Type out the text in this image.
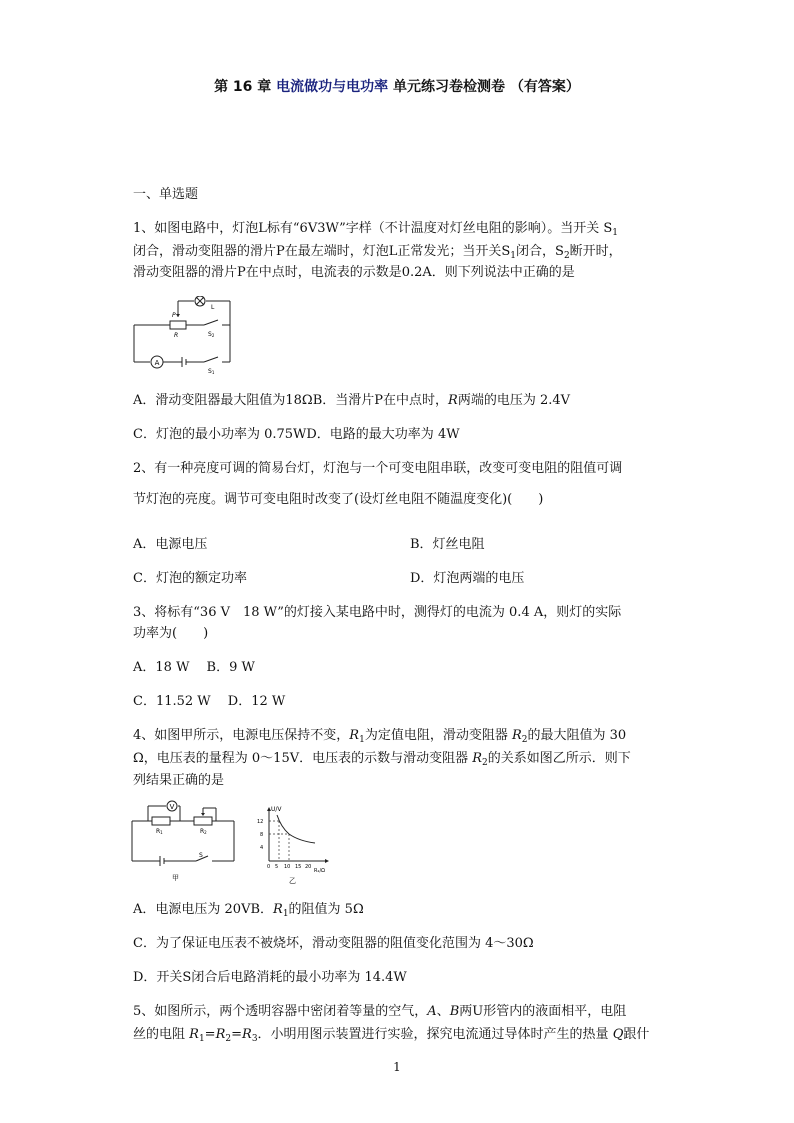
第 16 章 电流做功与电功率 单元练习卷检测卷 （有答案）
一、单选题
1、如图电路中，灯泡L标有“6V3W”字样（不计温度对灯丝电阻的影响）。当开关 $S_1$
闭合，滑动变阻器的滑片P在最左端时，灯泡L正常发光；当开关$S_1$闭合，$S_2$断开时，
滑动变阻器的滑片P在中点时，电流表的示数是0.2A．则下列说法中正确的是
A
L
P
R	S2
S1
A．滑动变阻器最大阻值为18ΩB．当滑片P在中点时，R两端的电压为 2.4V
C．灯泡的最小功率为 0.75WD．电路的最大功率为 4W
2、有一种亮度可调的简易台灯，灯泡与一个可变电阻串联，改变可变电阻的阻值可调
节灯泡的亮度。调节可变电阻时改变了(设灯丝电阻不随温度变化)(　　)
A．电源电压	B．灯丝电阻
C．灯泡的额定功率	D．灯泡两端的电压
3、将标有“36 V　18 W”的灯接入某电路中时，测得灯的电流为 0.4 A，则灯的实际
功率为(　　)
A．18 W　 B．9 W
C．11.52 W　 D．12 W
4、如图甲所示，电源电压保持不变，$R_1$为定值电阻，滑动变阻器 $R_2$的最大阻值为 30
Ω，电压表的量程为 0～15V．电压表的示数与滑动变阻器 $R_2$的关系如图乙所示．则下
列结果正确的是
V
R1	R2
S
甲
U/V
12
8
4
0 5 10 15 20
R₂/Ω
乙
A．电源电压为 20VB．$R_1$的阻值为 5Ω
C．为了保证电压表不被烧坏，滑动变阻器的阻值变化范围为 4～30Ω
D．开关S闭合后电路消耗的最小功率为 14.4W
5、如图所示，两个透明容器中密闭着等量的空气，A、B两U形管内的液面相平，电阻
丝的电阻 $R_1=R_2=R_3$．小明用图示装置进行实验，探究电流通过导体时产生的热量 Q跟什
1
